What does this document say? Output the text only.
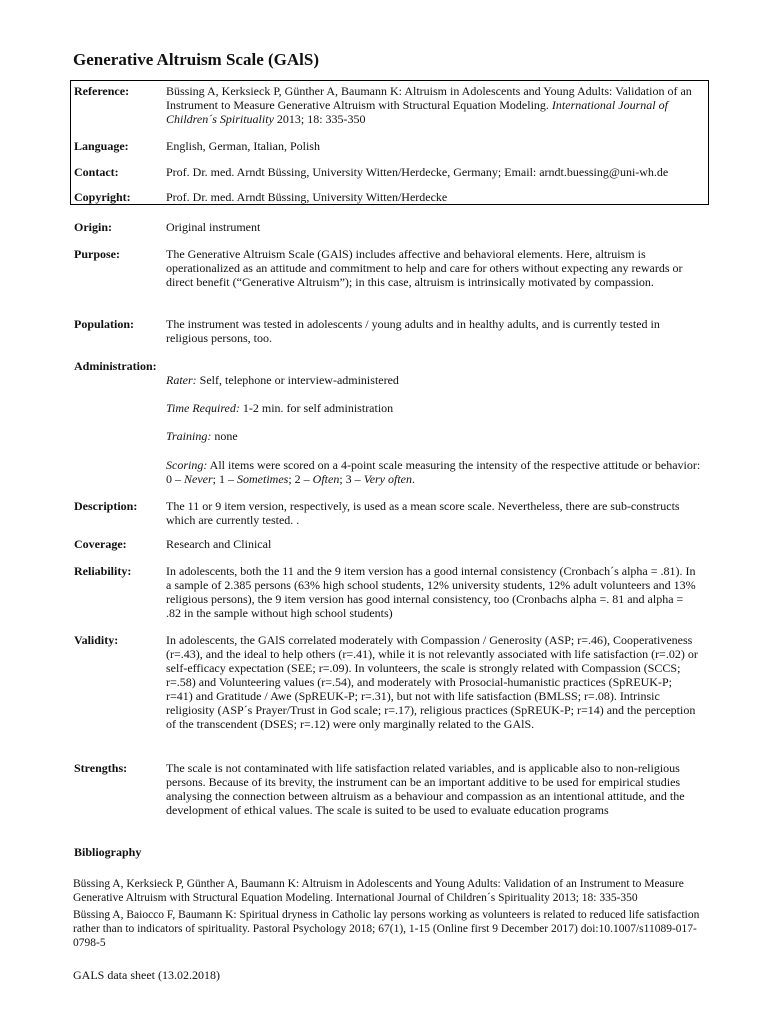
Generative Altruism Scale (GAlS)
Reference:	Büssing A, Kerksieck P, Günther A, Baumann K: Altruism in Adolescents and Young Adults: Validation of an Instrument to Measure Generative Altruism with Structural Equation Modeling. International Journal of Children´s Spirituality 2013; 18: 335-350

Language:	English, German, Italian, Polish
Contact:	Prof. Dr. med. Arndt Büssing, University Witten/Herdecke, Germany; Email: arndt.buessing@uni-wh.de
Copyright:	Prof. Dr. med. Arndt Büssing, University Witten/Herdecke
Origin:	Original instrument
Purpose:	The Generative Altruism Scale (GAlS) includes affective and behavioral elements. Here, altruism is operationalized as an attitude and commitment to help and care for others without expecting any rewards or direct benefit (“Generative Altruism”); in this case, altruism is intrinsically motivated by compassion.
Population:	The instrument was tested in adolescents / young adults and in healthy adults, and is currently tested in religious persons, too.
Administration:
Rater: Self, telephone or interview-administered
Time Required: 1-2 min. for self administration
Training: none
Scoring: All items were scored on a 4-point scale measuring the intensity of the respective attitude or behavior: 0 – Never; 1 – Sometimes; 2 – Often; 3 – Very often.
Description: The 11 or 9 item version, respectively, is used as a mean score scale. Nevertheless, there are sub-constructs which are currently tested. .
Coverage:	Research and Clinical
Reliability:	In adolescents, both the 11 and the 9 item version has a good internal consistency (Cronbach´s alpha = .81). In a sample of 2.385 persons (63% high school students, 12% university students, 12% adult volunteers and 13% religious persons), the 9 item version has good internal consistency, too (Cronbachs alpha =. 81 and alpha = .82 in the sample without high school students)
Validity:	In adolescents, the GAlS correlated moderately with Compassion / Generosity (ASP; r=.46), Cooperativeness (r=.43), and the ideal to help others (r=.41), while it is not relevantly associated with life satisfaction (r=.02) or self-efficacy expectation (SEE; r=.09). In volunteers, the scale is strongly related with Compassion (SCCS; r=.58) and Volunteering values (r=.54), and moderately with Prosocial-humanistic practices (SpREUK-P; r=41) and Gratitude / Awe (SpREUK-P; r=.31), but not with life satisfaction (BMLSS; r=.08). Intrinsic religiosity (ASP´s Prayer/Trust in God scale; r=.17), religious practices (SpREUK-P; r=14) and the perception of the transcendent (DSES; r=.12) were only marginally related to the GAlS.
Strengths:	The scale is not contaminated with life satisfaction related variables, and is applicable also to non-religious persons. Because of its brevity, the instrument can be an important additive to be used for empirical studies analysing the connection between altruism as a behaviour and compassion as an intentional attitude, and the development of ethical values. The scale is suited to be used to evaluate education programs
Bibliography
Büssing A, Kerksieck P, Günther A, Baumann K: Altruism in Adolescents and Young Adults: Validation of an Instrument to Measure Generative Altruism with Structural Equation Modeling. International Journal of Children´s Spirituality 2013; 18: 335-350
Büssing A, Baiocco F, Baumann K: Spiritual dryness in Catholic lay persons working as volunteers is related to reduced life satisfaction rather than to indicators of spirituality. Pastoral Psychology 2018; 67(1), 1-15 (Online first 9 December 2017) doi:10.1007/s11089-017-0798-5
GALS data sheet (13.02.2018)
